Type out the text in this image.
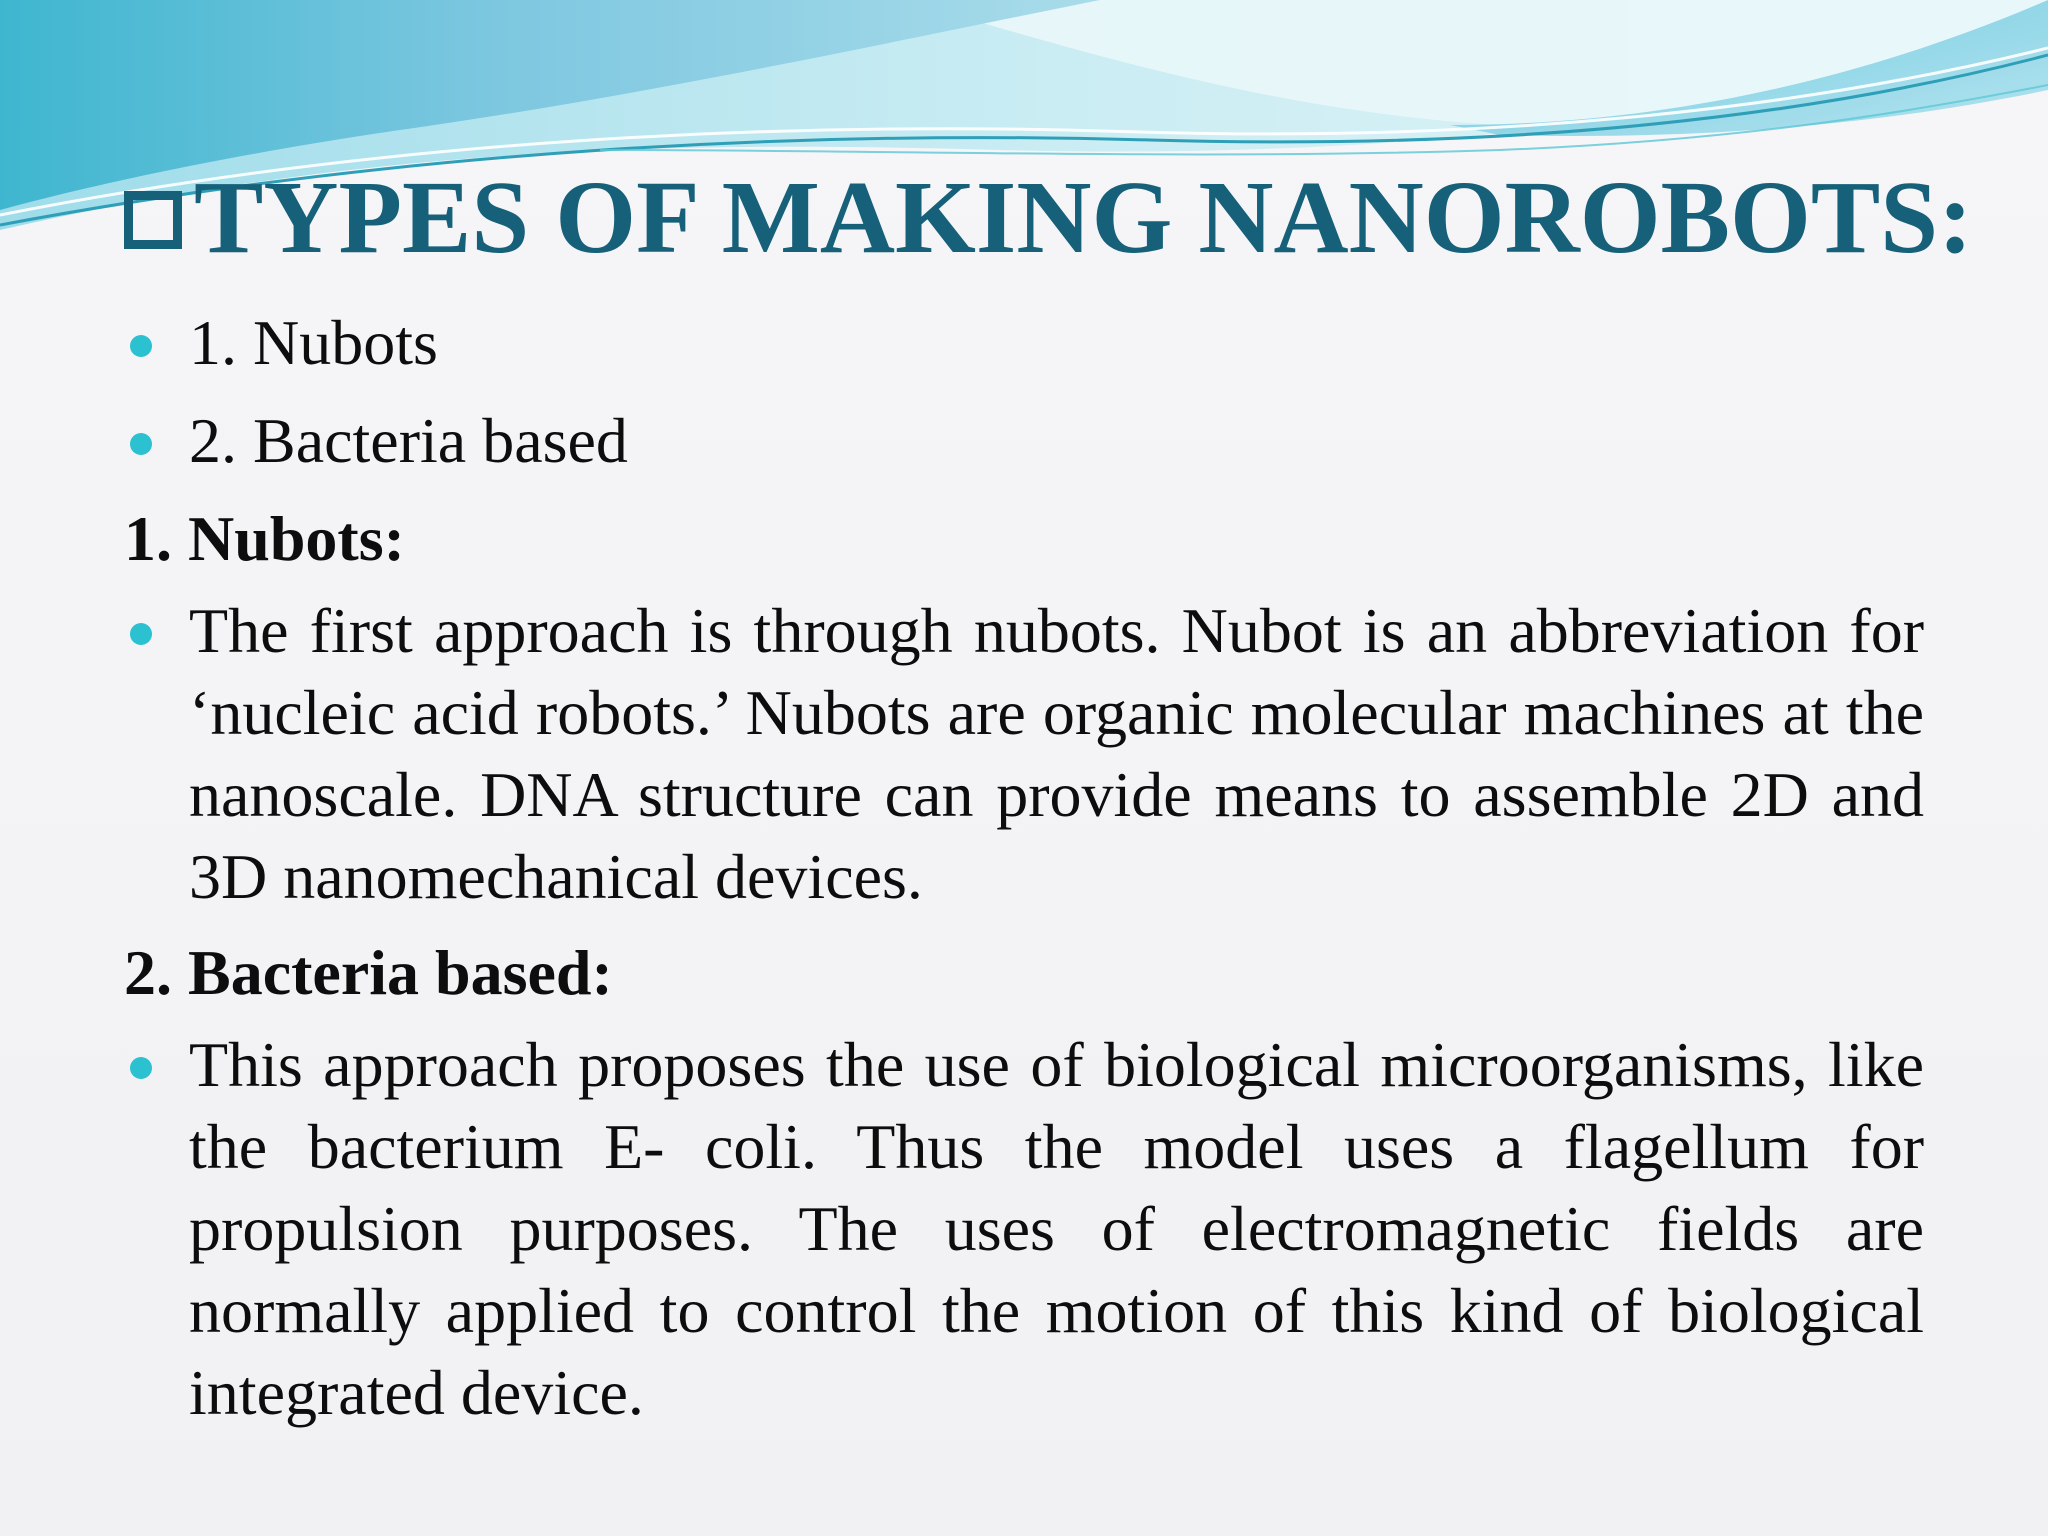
TYPES OF MAKING NANOROBOTS:
1. Nubots
2. Bacteria based

1. Nubots:

The first approach is through nubots. Nubot is an abbreviation for ‘nucleic acid robots.’ Nubots are organic molecular machines at the nanoscale. DNA structure can provide means to assemble 2D and 3D nanomechanical devices.

2. Bacteria based:

This approach proposes the use of biological microorganisms, like the bacterium E- coli. Thus the model uses a flagellum for propulsion purposes. The uses of electromagnetic fields are normally applied to control the motion of this kind of biological integrated device.
